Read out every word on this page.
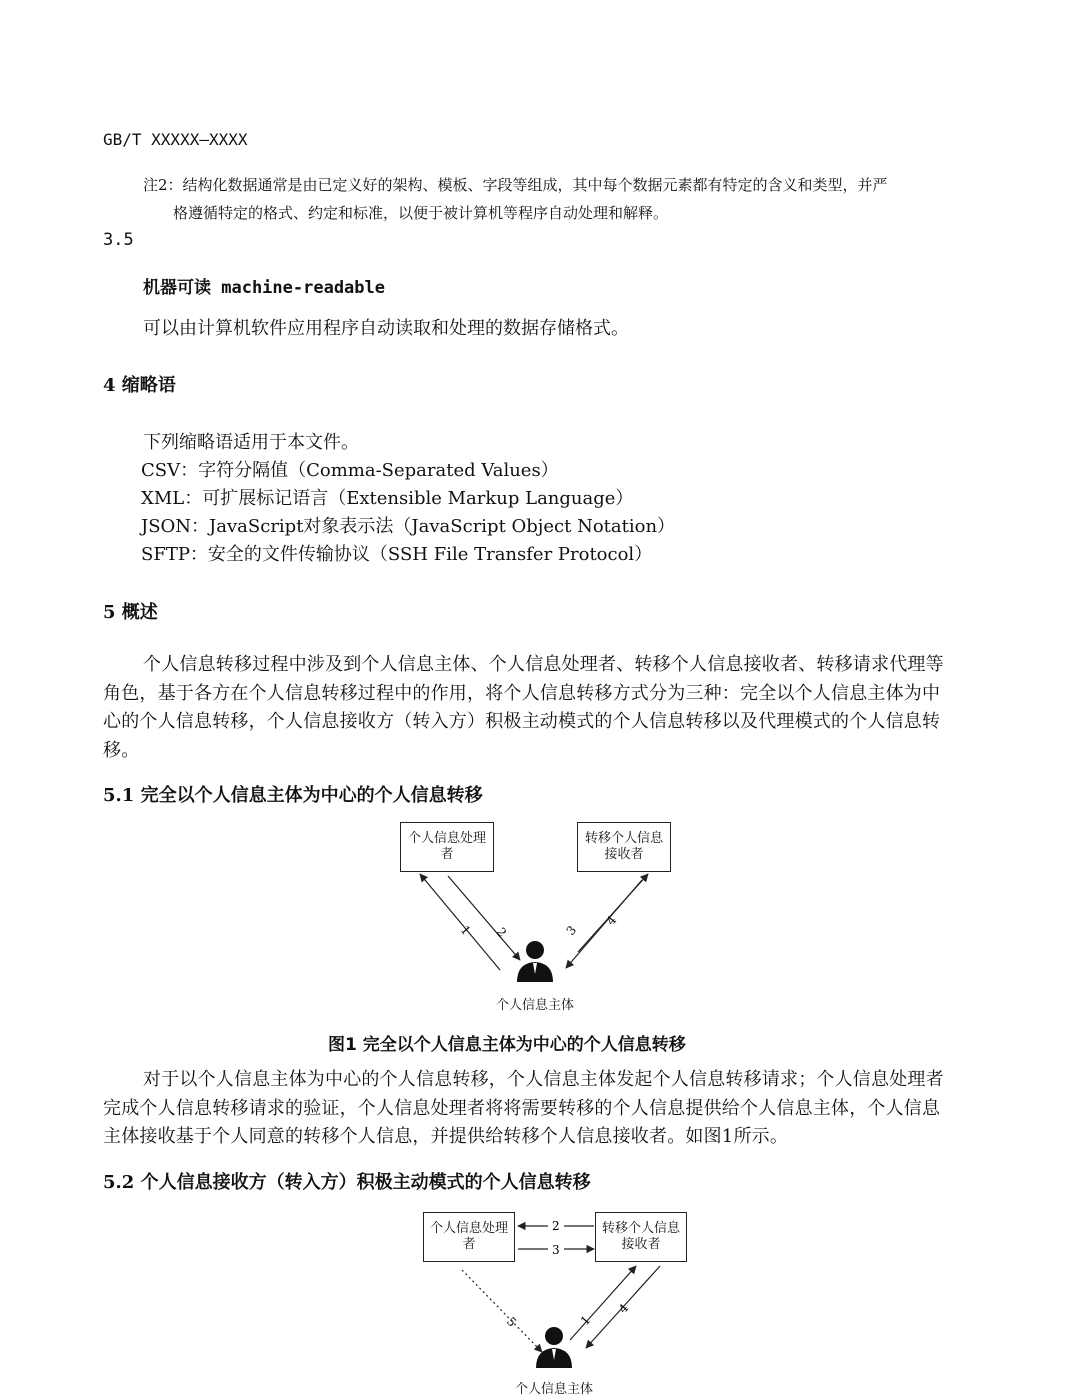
GB/T XXXXX—XXXX
注2：结构化数据通常是由已定义好的架构、模板、字段等组成，其中每个数据元素都有特定的含义和类型，并严
格遵循特定的格式、约定和标准，以便于被计算机等程序自动处理和解释。
3.5
机器可读 machine-readable
可以由计算机软件应用程序自动读取和处理的数据存储格式。
4 缩略语
下列缩略语适用于本文件。
CSV：字符分隔值（Comma-Separated Values）
XML：可扩展标记语言（Extensible Markup Language）
JSON：JavaScript对象表示法（JavaScript Object Notation）
SFTP：安全的文件传输协议（SSH File Transfer Protocol）
5 概述
个人信息转移过程中涉及到个人信息主体、个人信息处理者、转移个人信息接收者、转移请求代理等角色，基于各方在个人信息转移过程中的作用，将个人信息转移方式分为三种：完全以个人信息主体为中心的个人信息转移，个人信息接收方（转入方）积极主动模式的个人信息转移以及代理模式的个人信息转移。
5.1 完全以个人信息主体为中心的个人信息转移
个人信息处理者
转移个人信息接收者
1 2	3
4
个人信息主体
图1 完全以个人信息主体为中心的个人信息转移
对于以个人信息主体为中心的个人信息转移，个人信息主体发起个人信息转移请求；个人信息处理者完成个人信息转移请求的验证，个人信息处理者将将需要转移的个人信息提供给个人信息主体，个人信息主体接收基于个人同意的转移个人信息，并提供给转移个人信息接收者。如图1所示。
5.2 个人信息接收方（转入方）积极主动模式的个人信息转移
个人信息处理者
转移个人信息接收者
2
3
5	1
4
个人信息主体
